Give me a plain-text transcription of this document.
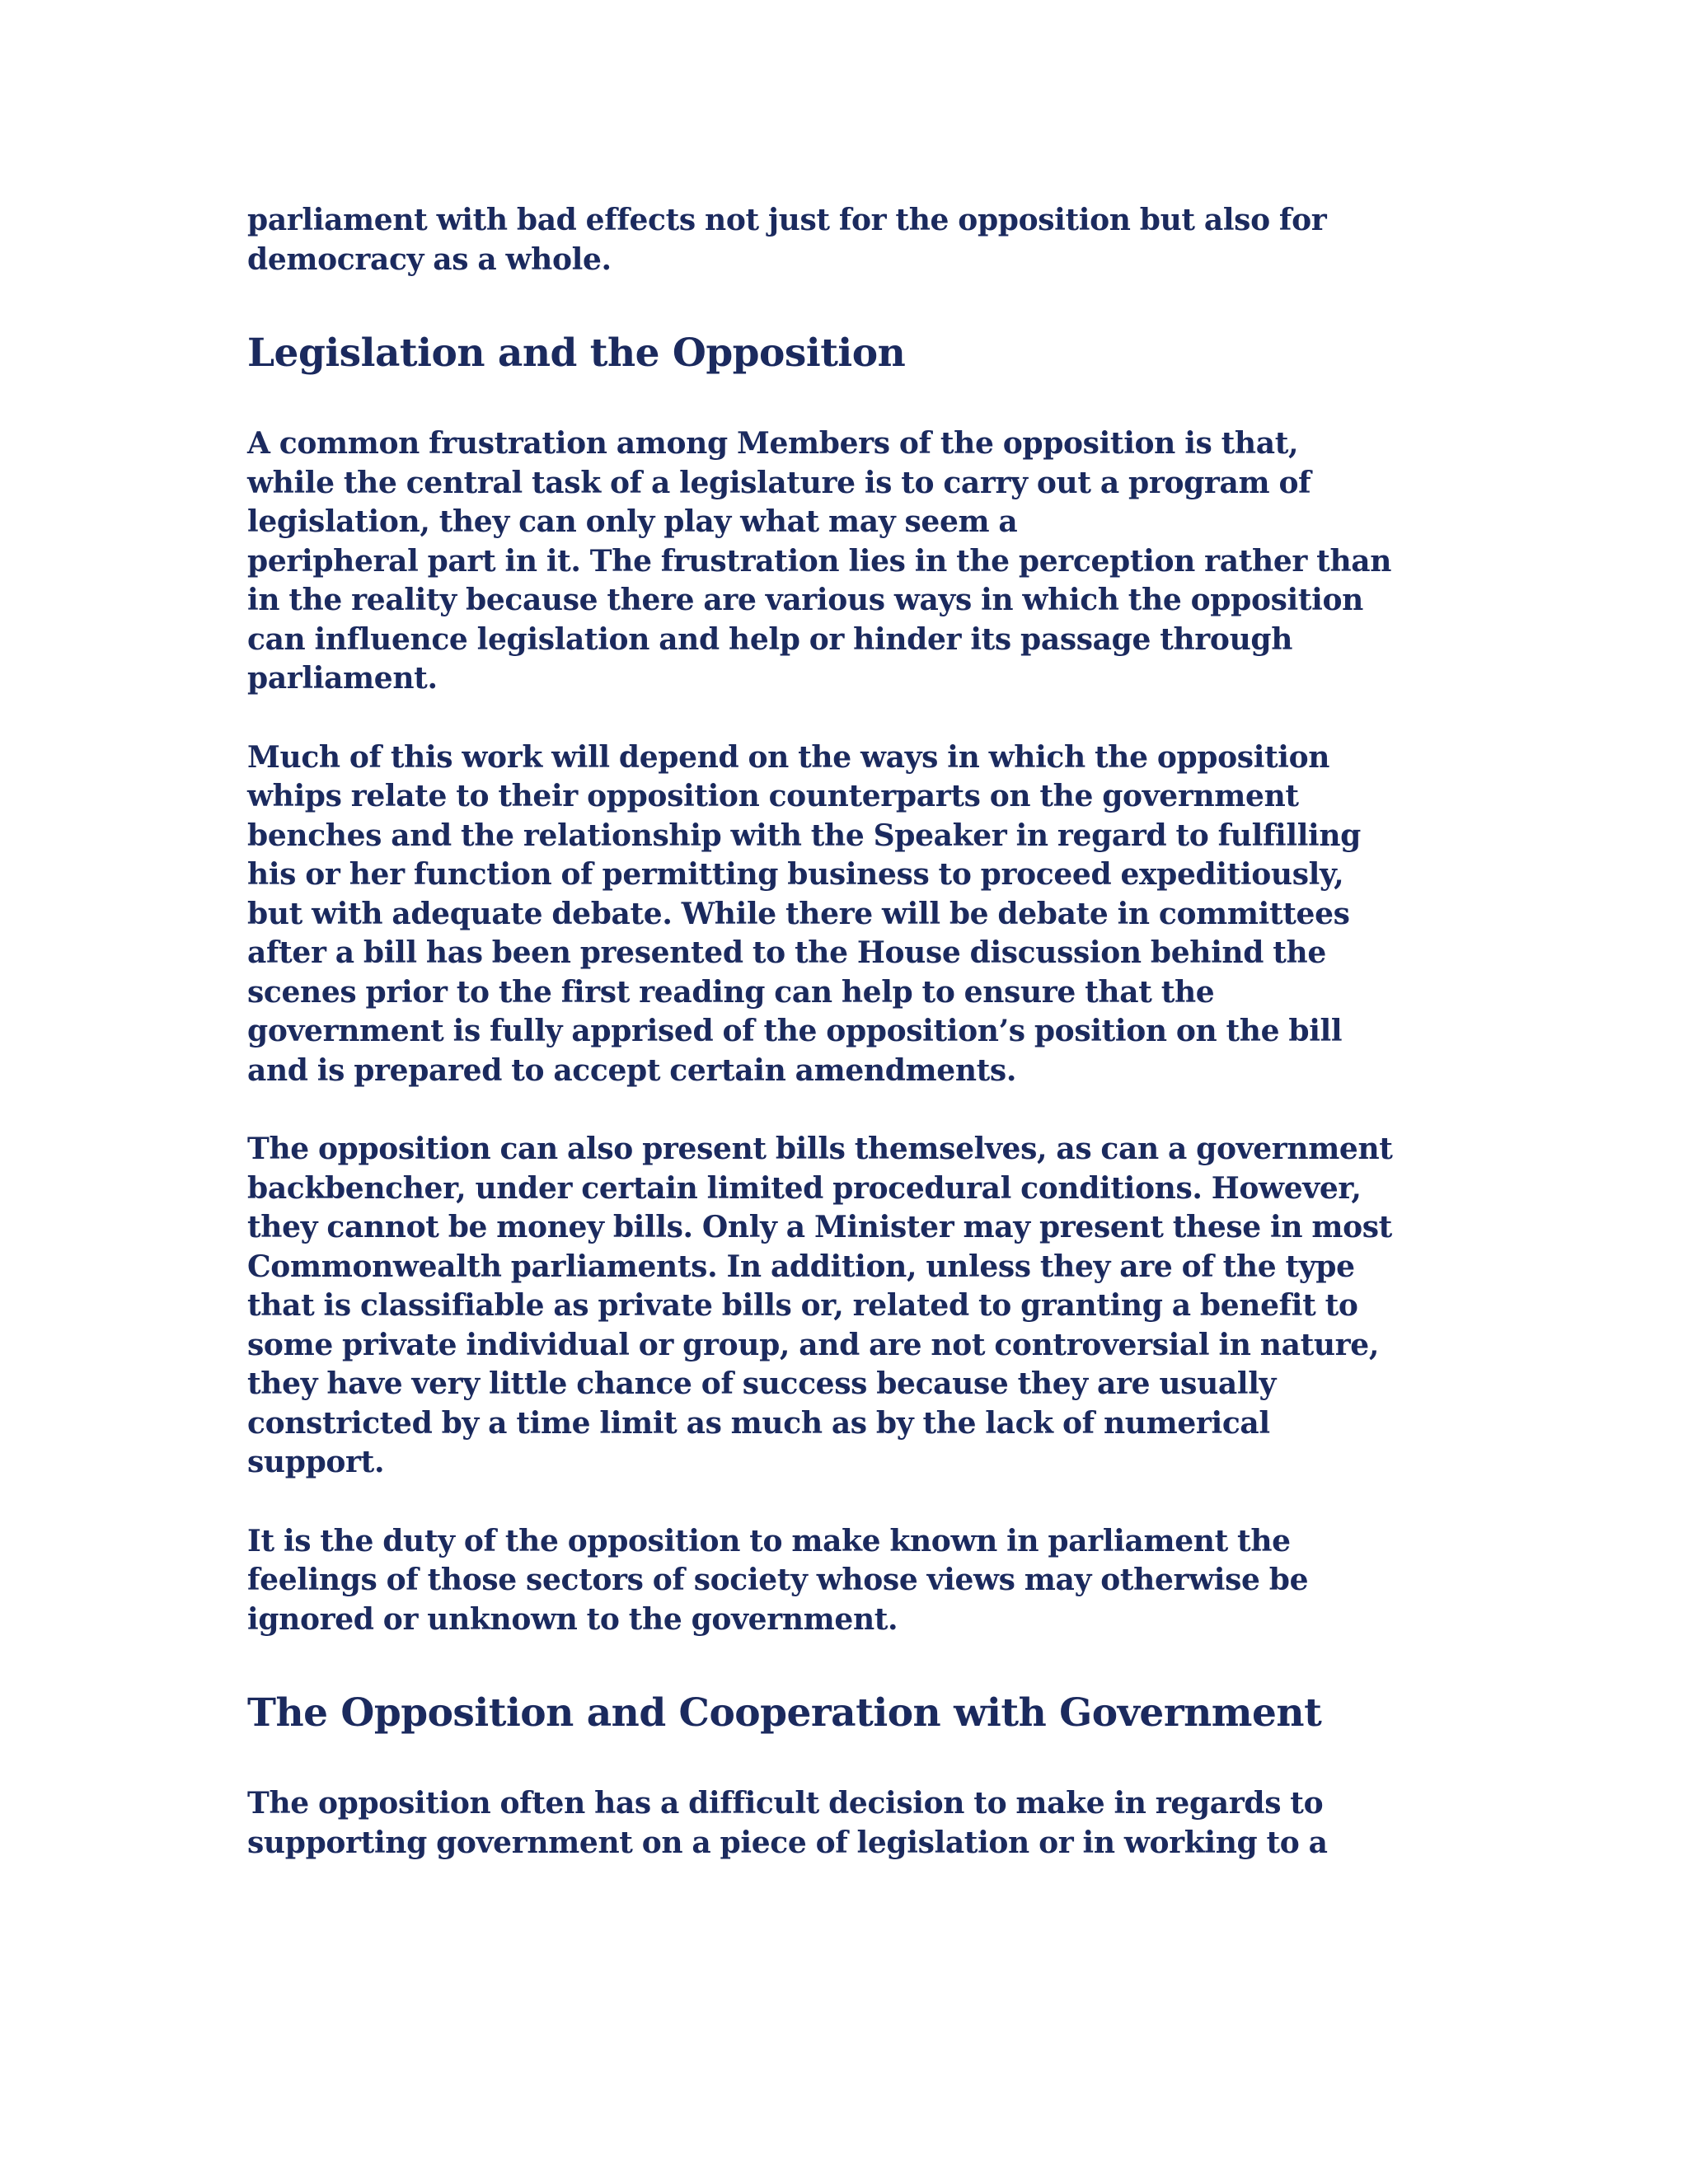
parliament with bad effects not just for the opposition but also for
democracy as a whole.

Legislation and the Opposition

A common frustration among Members of the opposition is that,
while the central task of a legislature is to carry out a program of
legislation, they can only play what may seem a
peripheral part in it. The frustration lies in the perception rather than
in the reality because there are various ways in which the opposition
can influence legislation and help or hinder its passage through
parliament.

Much of this work will depend on the ways in which the opposition
whips relate to their opposition counterparts on the government
benches and the relationship with the Speaker in regard to fulfilling
his or her function of permitting business to proceed expeditiously,
but with adequate debate. While there will be debate in committees
after a bill has been presented to the House discussion behind the
scenes prior to the first reading can help to ensure that the
government is fully apprised of the opposition’s position on the bill
and is prepared to accept certain amendments.

The opposition can also present bills themselves, as can a government
backbencher, under certain limited procedural conditions. However,
they cannot be money bills. Only a Minister may present these in most
Commonwealth parliaments. In addition, unless they are of the type
that is classifiable as private bills or, related to granting a benefit to
some private individual or group, and are not controversial in nature,
they have very little chance of success because they are usually
constricted by a time limit as much as by the lack of numerical
support.

It is the duty of the opposition to make known in parliament the
feelings of those sectors of society whose views may otherwise be
ignored or unknown to the government.

The Opposition and Cooperation with Government

The opposition often has a difficult decision to make in regards to
supporting government on a piece of legislation or in working to a
